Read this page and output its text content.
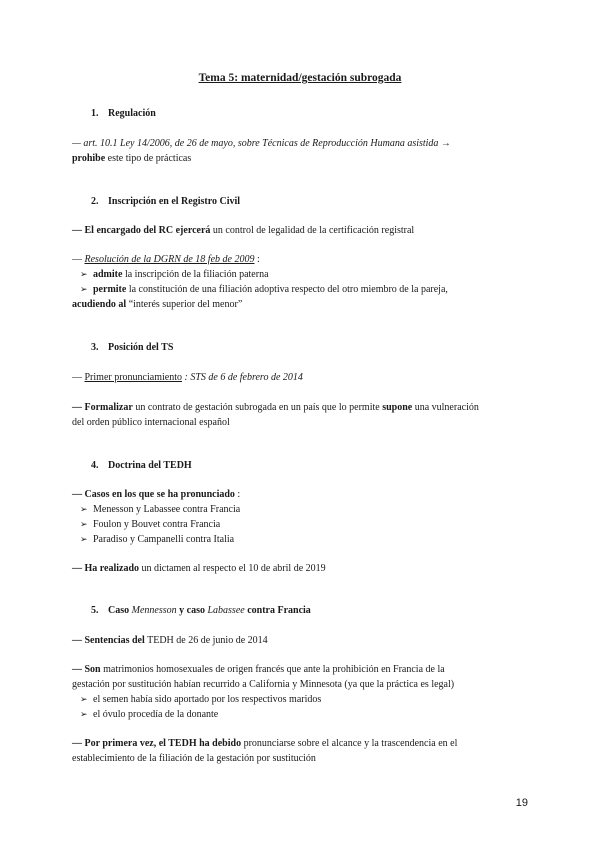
Tema 5: maternidad/gestación subrogada
1. Regulación
— art. 10.1 Ley 14/2006, de 26 de mayo, sobre Técnicas de Reproducción Humana asistida →
prohibe este tipo de prácticas
2. Inscripción en el Registro Civil
— El encargado del RC ejercerá un control de legalidad de la certificación registral
— Resolución de la DGRN de 18 feb de 2009 :
➢ admite la inscripción de la filiación paterna
➢ permite la constitución de una filiación adoptiva respecto del otro miembro de la pareja,
acudiendo al “interés superior del menor”
3. Posición del TS
— Primer pronunciamiento : STS de 6 de febrero de 2014
— Formalizar un contrato de gestación subrogada en un país que lo permite supone una vulneración
del orden público internacional español
4. Doctrina del TEDH
— Casos en los que se ha pronunciado :
➢ Menesson y Labassee contra Francia
➢ Foulon y Bouvet contra Francia
➢ Paradiso y Campanelli contra Italia
— Ha realizado un dictamen al respecto el 10 de abril de 2019
5. Caso Mennesson y caso Labassee contra Francia
— Sentencias del TEDH de 26 de junio de 2014
— Son matrimonios homosexuales de origen francés que ante la prohibición en Francia de la
gestación por sustitución habían recurrido a California y Minnesota (ya que la práctica es legal)
➢ el semen había sido aportado por los respectivos maridos
➢ el óvulo procedía de la donante
— Por primera vez, el TEDH ha debido pronunciarse sobre el alcance y la trascendencia en el
establecimiento de la filiación de la gestación por sustitución
19
